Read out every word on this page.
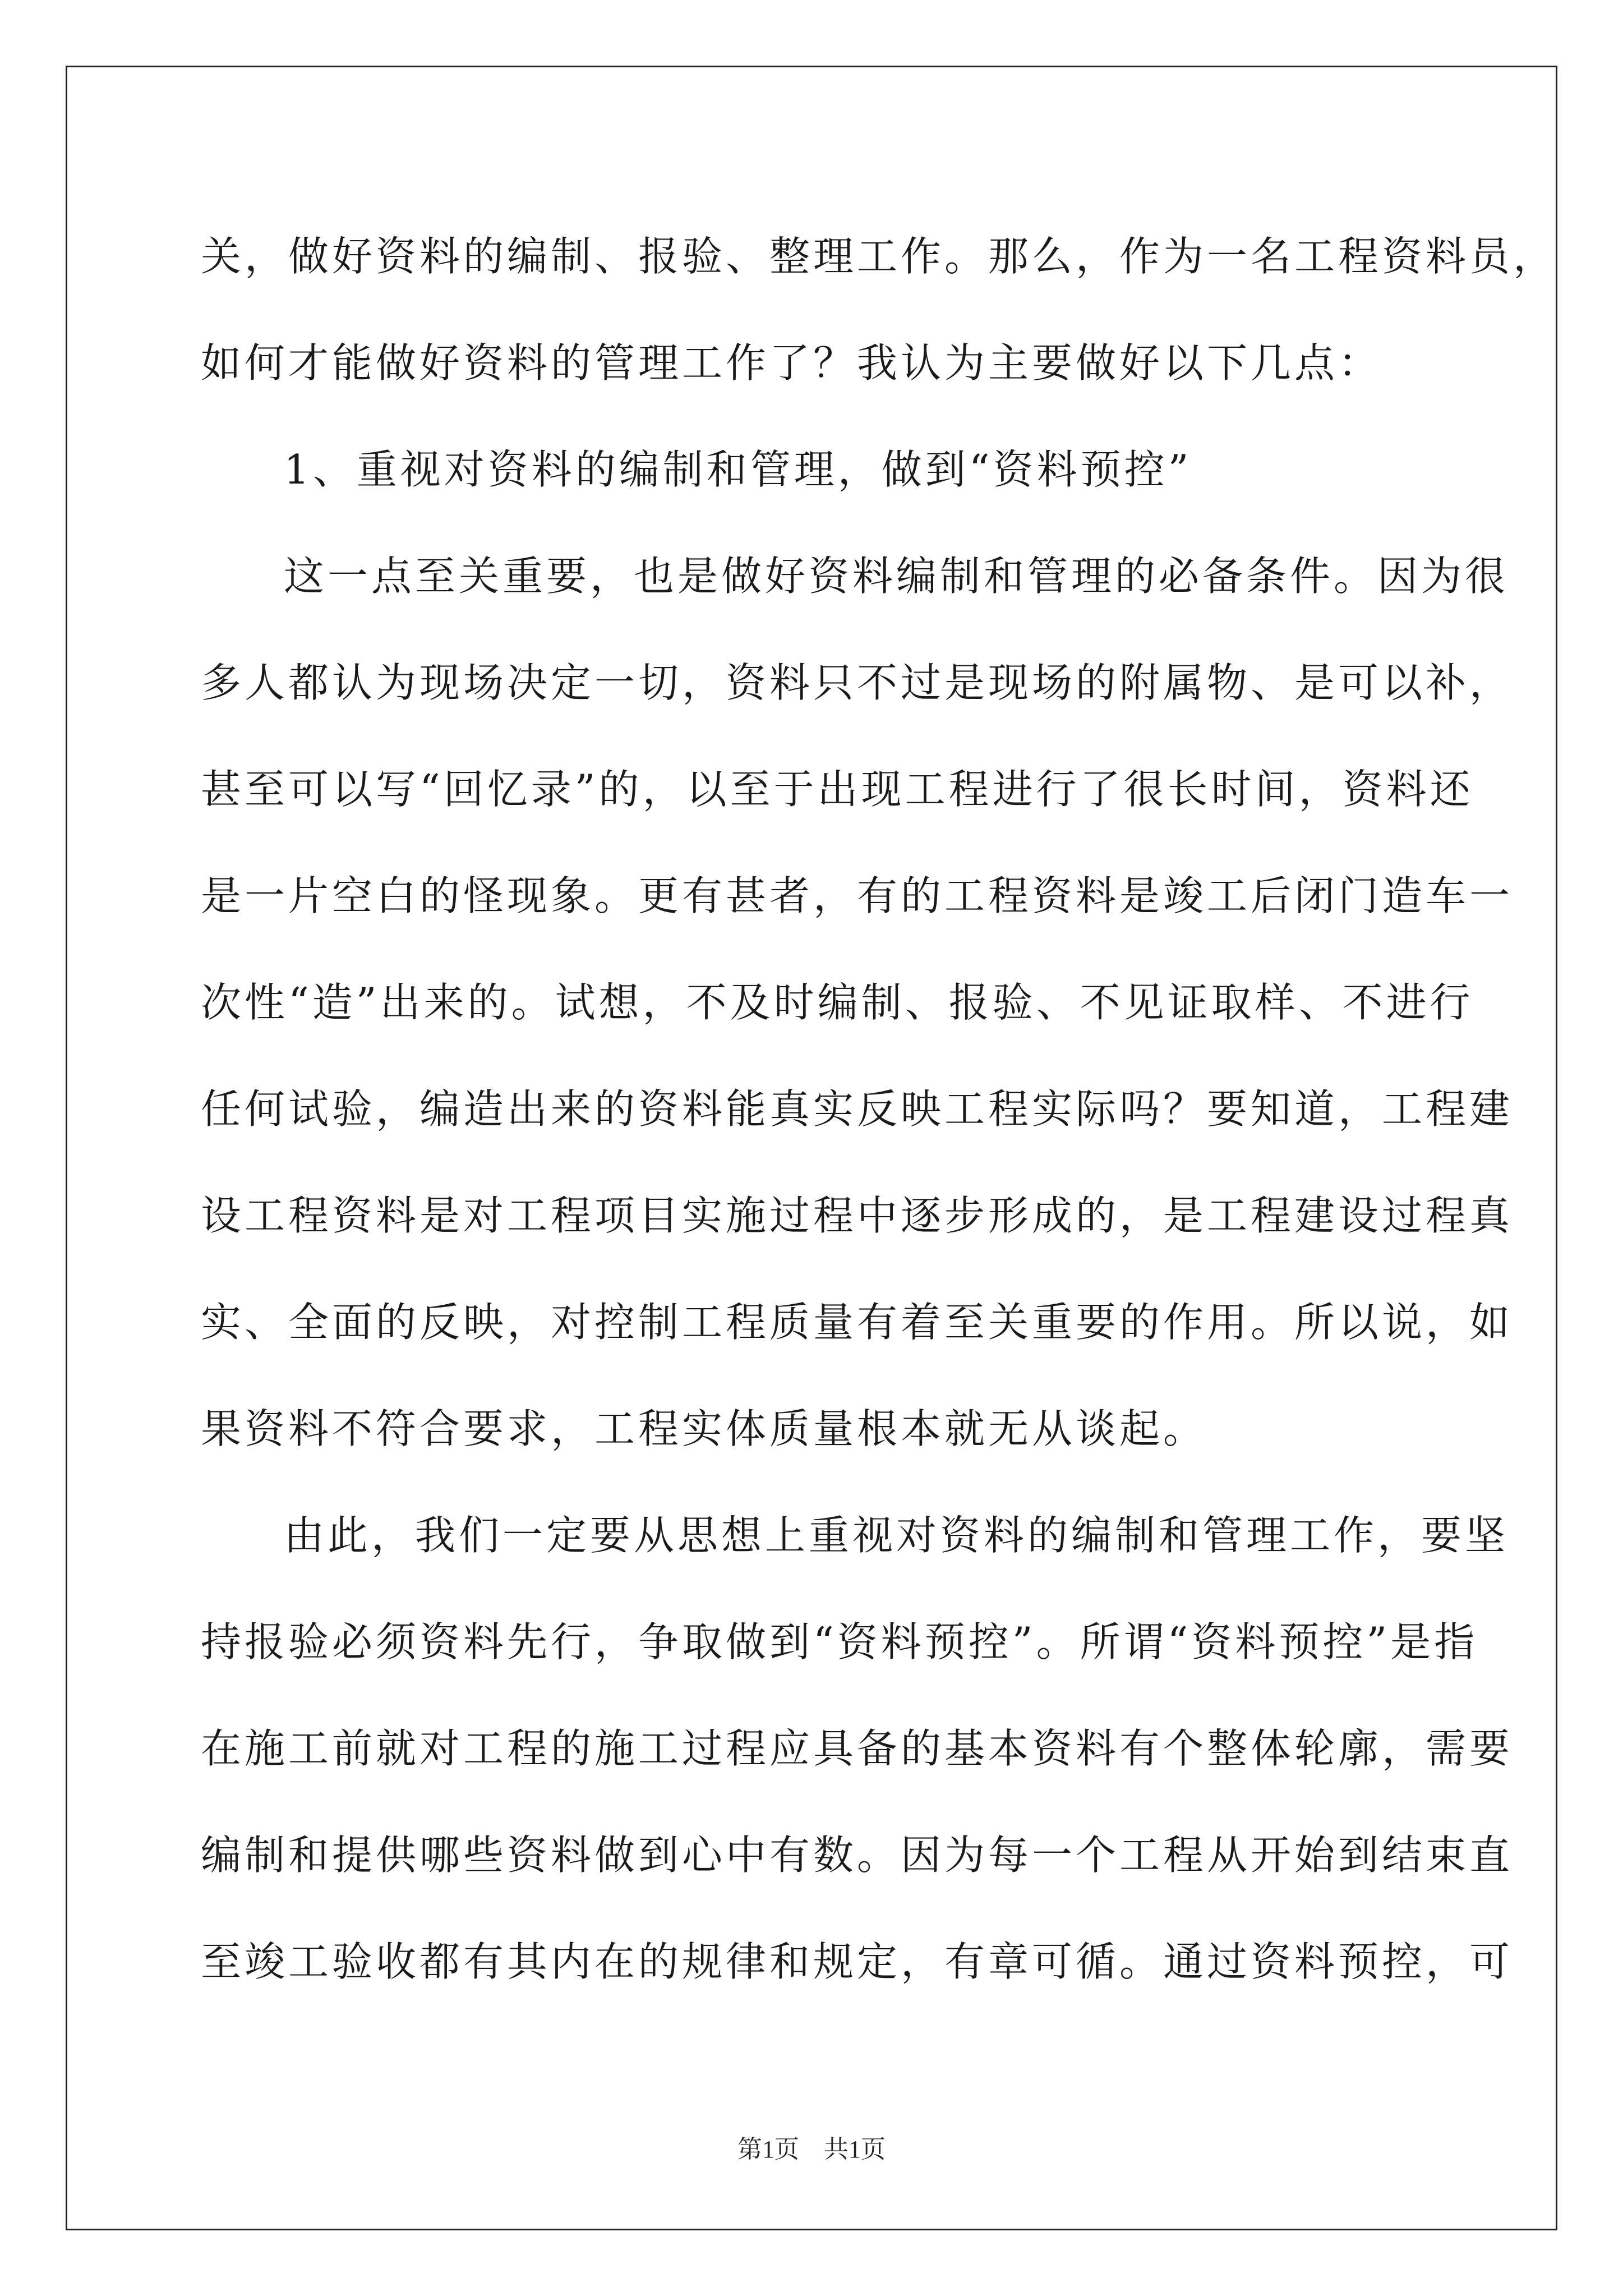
关，做好资料的编制、报验、整理工作。那么，作为一名工程资料员，
如何才能做好资料的管理工作了？我认为主要做好以下几点：
1、重视对资料的编制和管理，做到“资料预控”
这一点至关重要，也是做好资料编制和管理的必备条件。因为很
多人都认为现场决定一切，资料只不过是现场的附属物、是可以补，
甚至可以写“回忆录”的，以至于出现工程进行了很长时间，资料还
是一片空白的怪现象。更有甚者，有的工程资料是竣工后闭门造车一
次性“造”出来的。试想，不及时编制、报验、不见证取样、不进行
任何试验，编造出来的资料能真实反映工程实际吗？要知道，工程建
设工程资料是对工程项目实施过程中逐步形成的，是工程建设过程真
实、全面的反映，对控制工程质量有着至关重要的作用。所以说，如
果资料不符合要求，工程实体质量根本就无从谈起。
由此，我们一定要从思想上重视对资料的编制和管理工作，要坚
持报验必须资料先行，争取做到“资料预控”。所谓“资料预控”是指
在施工前就对工程的施工过程应具备的基本资料有个整体轮廓，需要
编制和提供哪些资料做到心中有数。因为每一个工程从开始到结束直
至竣工验收都有其内在的规律和规定，有章可循。通过资料预控，可
第1页　共1页
